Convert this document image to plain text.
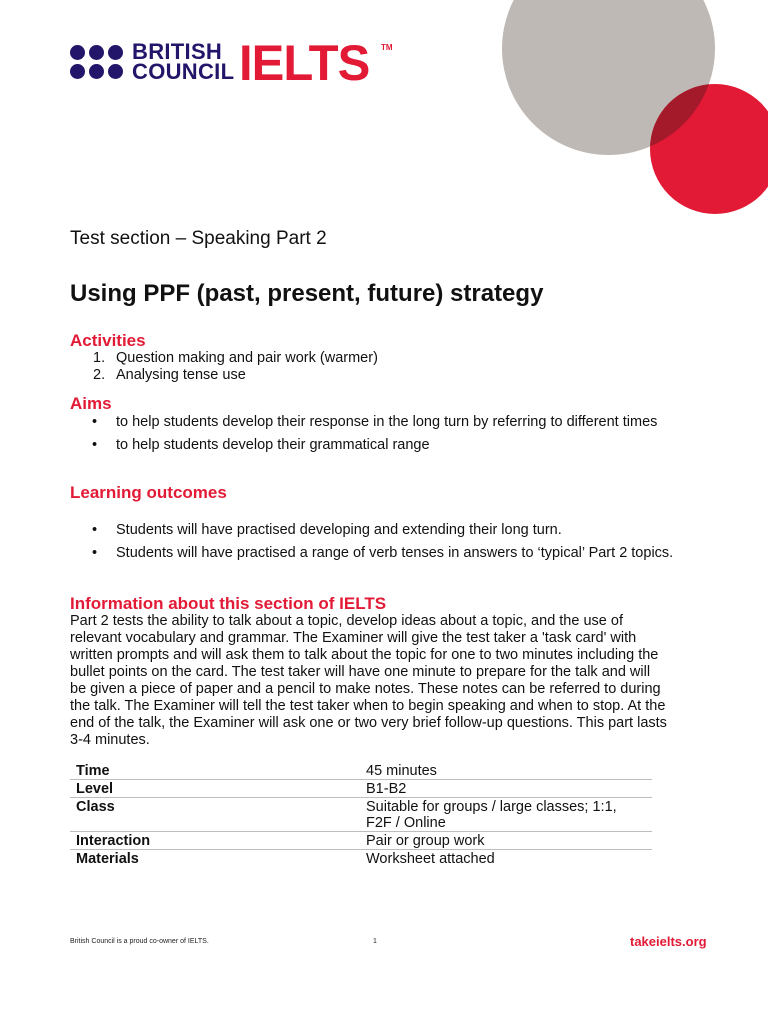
BRITISH
COUNCIL IELTS TM
Test section – Speaking Part 2
Using PPF (past, present, future) strategy
Activities
1. Question making and pair work (warmer)
2. Analysing tense use
Aims
• to help students develop their response in the long turn by referring to different times
• to help students develop their grammatical range
Learning outcomes
• Students will have practised developing and extending their long turn.
• Students will have practised a range of verb tenses in answers to ‘typical’ Part 2 topics.
Information about this section of IELTS
Part 2 tests the ability to talk about a topic, develop ideas about a topic, and the use of relevant vocabulary and grammar. The Examiner will give the test taker a 'task card' with written prompts and will ask them to talk about the topic for one to two minutes including the bullet points on the card. The test taker will have one minute to prepare for the talk and will be given a piece of paper and a pencil to make notes. These notes can be referred to during the talk. The Examiner will tell the test taker when to begin speaking and when to stop. At the end of the talk, the Examiner will ask one or two very brief follow-up questions. This part lasts 3-4 minutes.
Time	45 minutes
Level	B1-B2
Class	Suitable for groups / large classes; 1:1, F2F / Online
Interaction	Pair or group work
Materials	Worksheet attached
British Council is a proud co-owner of IELTS.	1	takeielts.org
